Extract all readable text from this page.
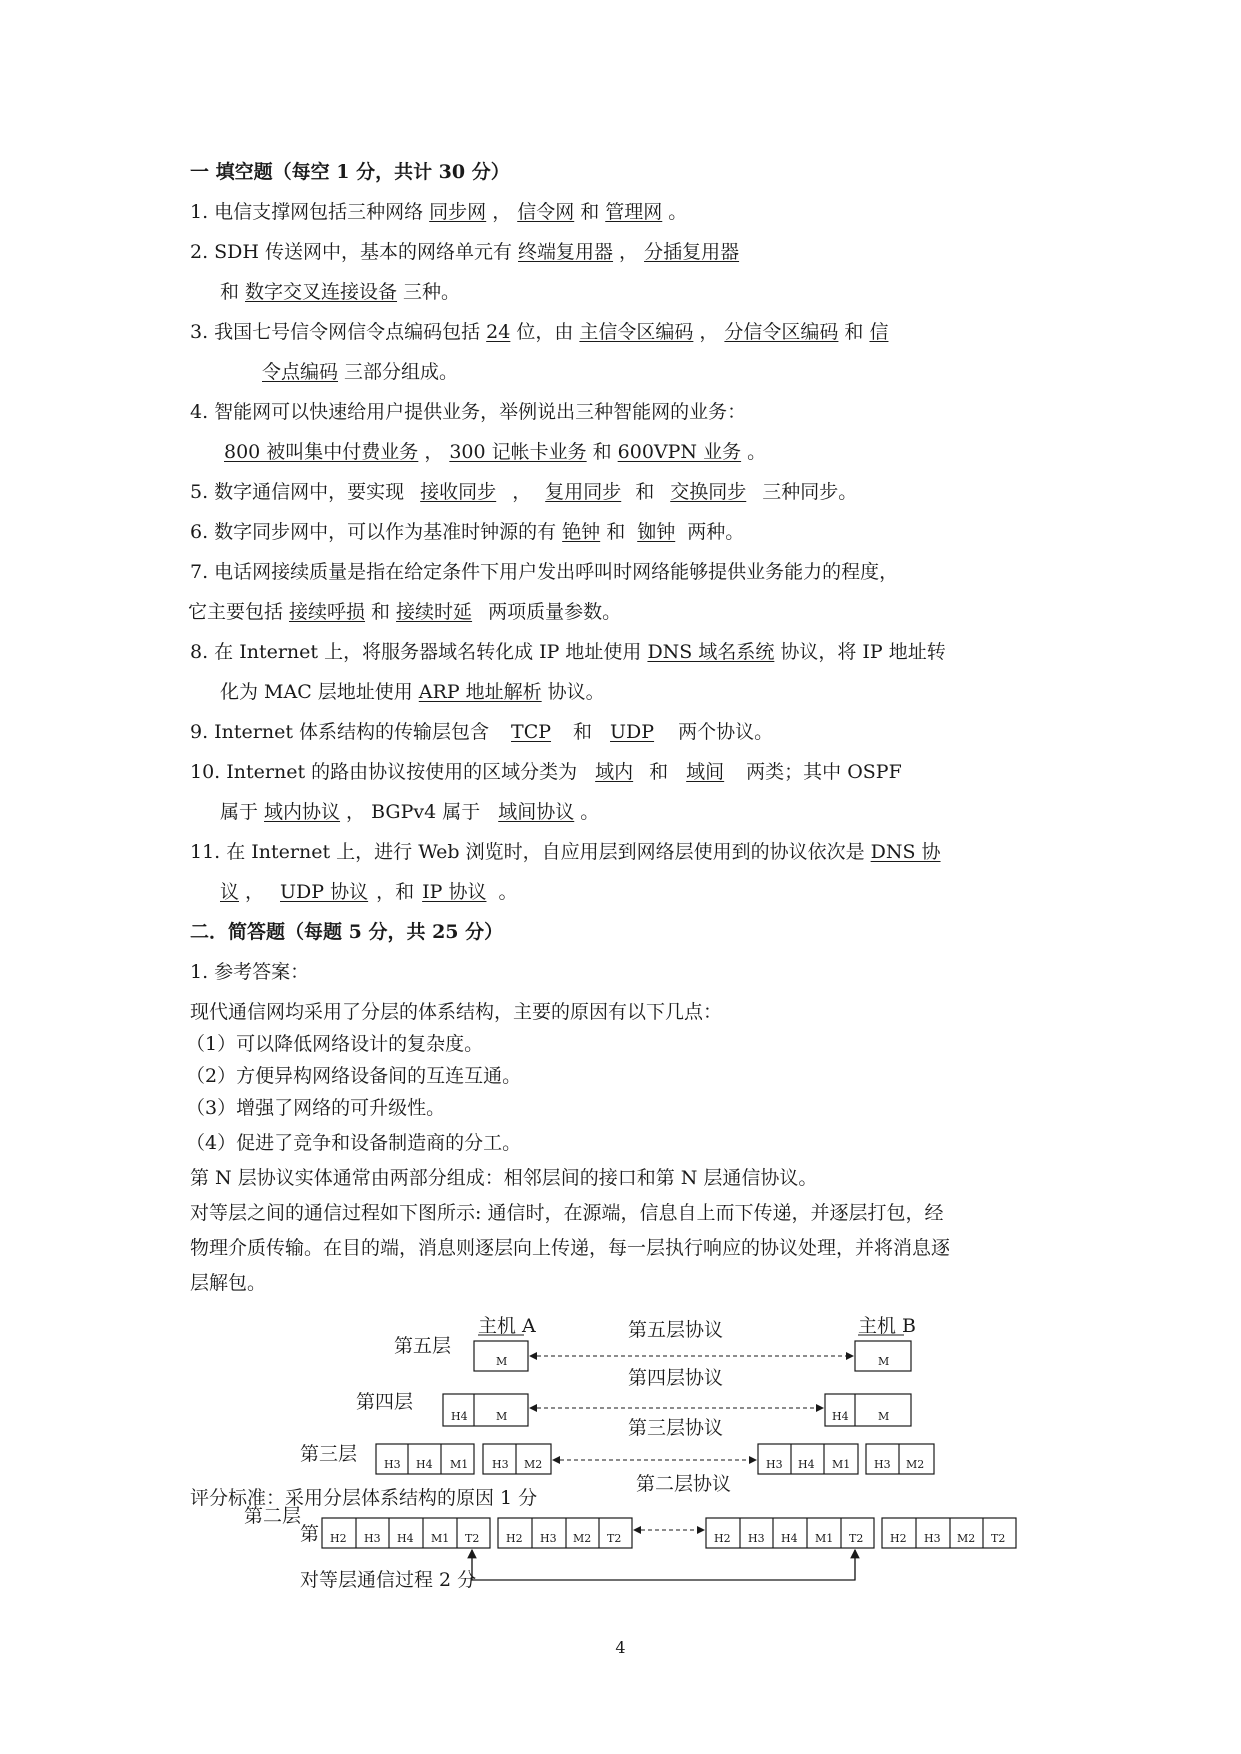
一 填空题（每空 1 分，共计 30 分）
1. 电信支撑网包括三种网络 同步网 ， 信令网 和 管理网 。
2. SDH 传送网中，基本的网络单元有 终端复用器 ， 分插复用器
和 数字交叉连接设备 三种。
3. 我国七号信令网信令点编码包括 24 位，由 主信令区编码 ， 分信令区编码 和 信
令点编码 三部分组成。
4. 智能网可以快速给用户提供业务，举例说出三种智能网的业务：
800 被叫集中付费业务 ， 300 记帐卡业务 和 600VPN 业务 。
5. 数字通信网中，要实现 接收同步 ， 复用同步 和 交换同步 三种同步。
6. 数字同步网中，可以作为基准时钟源的有 铯钟 和 铷钟 两种。
7. 电话网接续质量是指在给定条件下用户发出呼叫时网络能够提供业务能力的程度，
它主要包括 接续呼损 和 接续时延 两项质量参数。
8. 在 Internet 上，将服务器域名转化成 IP 地址使用 DNS 域名系统 协议，将 IP 地址转
化为 MAC 层地址使用 ARP 地址解析 协议。
9. Internet 体系结构的传输层包含 TCP 和 UDP 两个协议。
10. Internet 的路由协议按使用的区域分类为 域内 和 域间 两类；其中 OSPF
属于 域内协议 ， BGPv4 属于 域间协议 。
11. 在 Internet 上，进行 Web 浏览时，自应用层到网络层使用到的协议依次是 DNS 协
议 ， UDP 协议 ，和 IP 协议 。
二．简答题（每题 5 分，共 25 分）
1. 参考答案：
现代通信网均采用了分层的体系结构，主要的原因有以下几点：
（1）可以降低网络设计的复杂度。
（2）方便异构网络设备间的互连互通。
（3）增强了网络的可升级性。
（4）促进了竞争和设备制造商的分工。
第 N 层协议实体通常由两部分组成：相邻层间的接口和第 N 层通信协议。
对等层之间的通信过程如下图所示: 通信时，在源端，信息自上而下传递，并逐层打包，经
物理介质传输。在目的端，消息则逐层向上传递，每一层执行响应的协议处理，并将消息逐
层解包。
主机 A	主机 B
第五层
第四层
第三层
第二层
第五层协议
第四层协议
第三层协议
第二层协议
M	M
H4	M	H4	M
H3 H4 M1 H3 M2	H3 H4 M1 H3 M2
评分标准：采用分层体系结构的原因 1 分
第 H2 H3 H4 M1 T2 H2 H3 M2 T2	H2 H3 H4 M1 T2 H2 H3 M2 T2
对等层通信过程 2 分
4
